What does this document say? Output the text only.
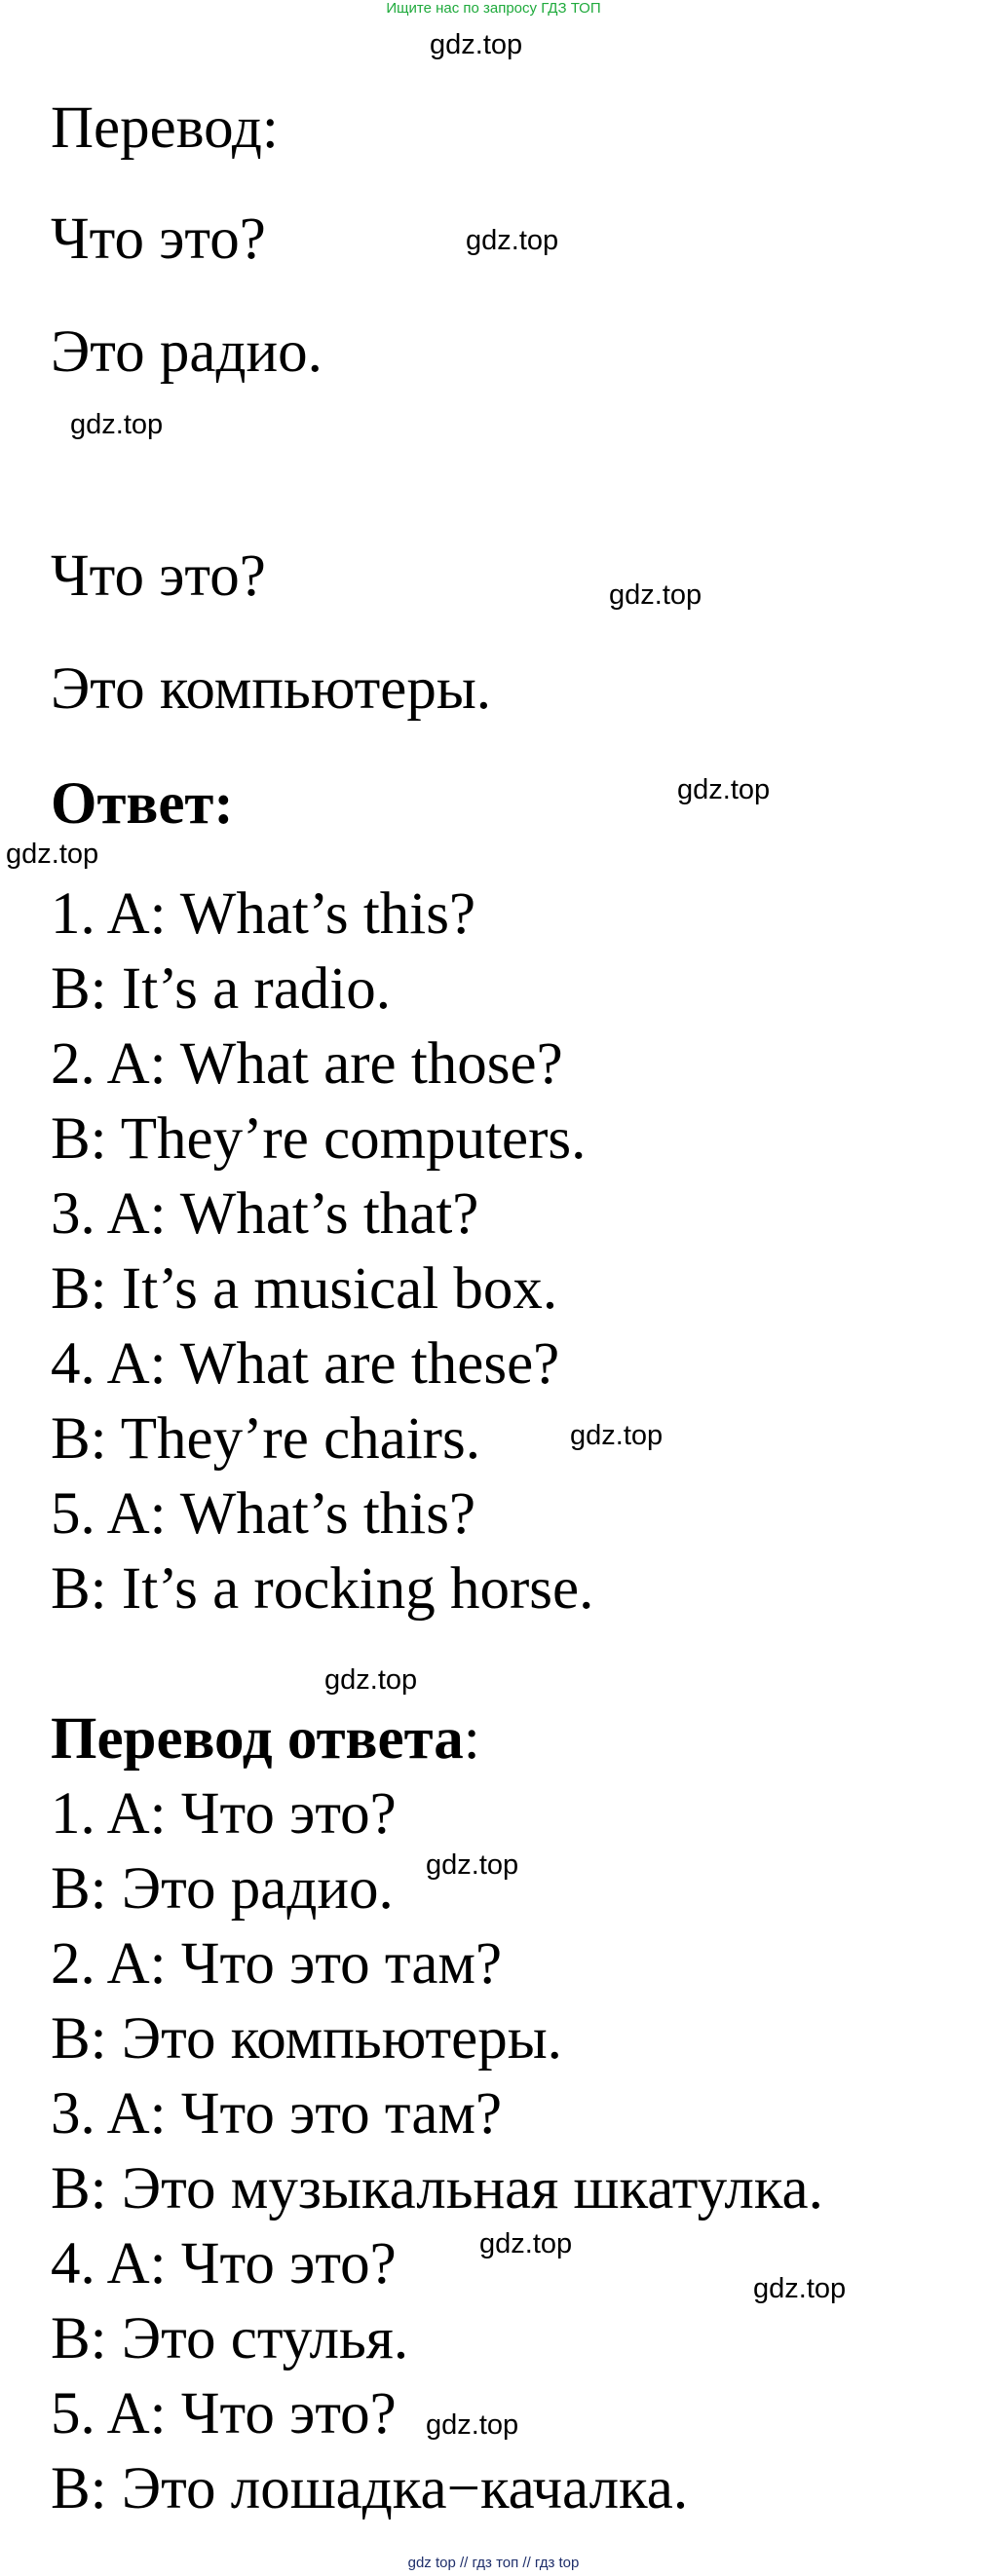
Ищите нас по запросу ГДЗ ТОП
gdz.top
gdz.top
gdz.top
gdz.top
gdz.top
gdz.top
gdz.top
gdz.top
gdz.top
gdz.top
gdz.top
gdz.top
Перевод:
Что это?
Это радио.
Что это?
Это компьютеры.
Ответ:
1. A: What’s this?
B: It’s a radio.
2. A: What are those?
B: They’re computers.
3. A: What’s that?
B: It’s a musical box.
4. A: What are these?
B: They’re chairs.
5. A: What’s this?
B: It’s a rocking horse.
Перевод ответа:
1. A: Что это?
B: Это радио.
2. A: Что это там?
B: Это компьютеры.
3. A: Что это там?
B: Это музыкальная шкатулка.
4. A: Что это?
B: Это стулья.
5. A: Что это?
B: Это лошадка−качалка.
gdz top // гдз топ // гдз top
